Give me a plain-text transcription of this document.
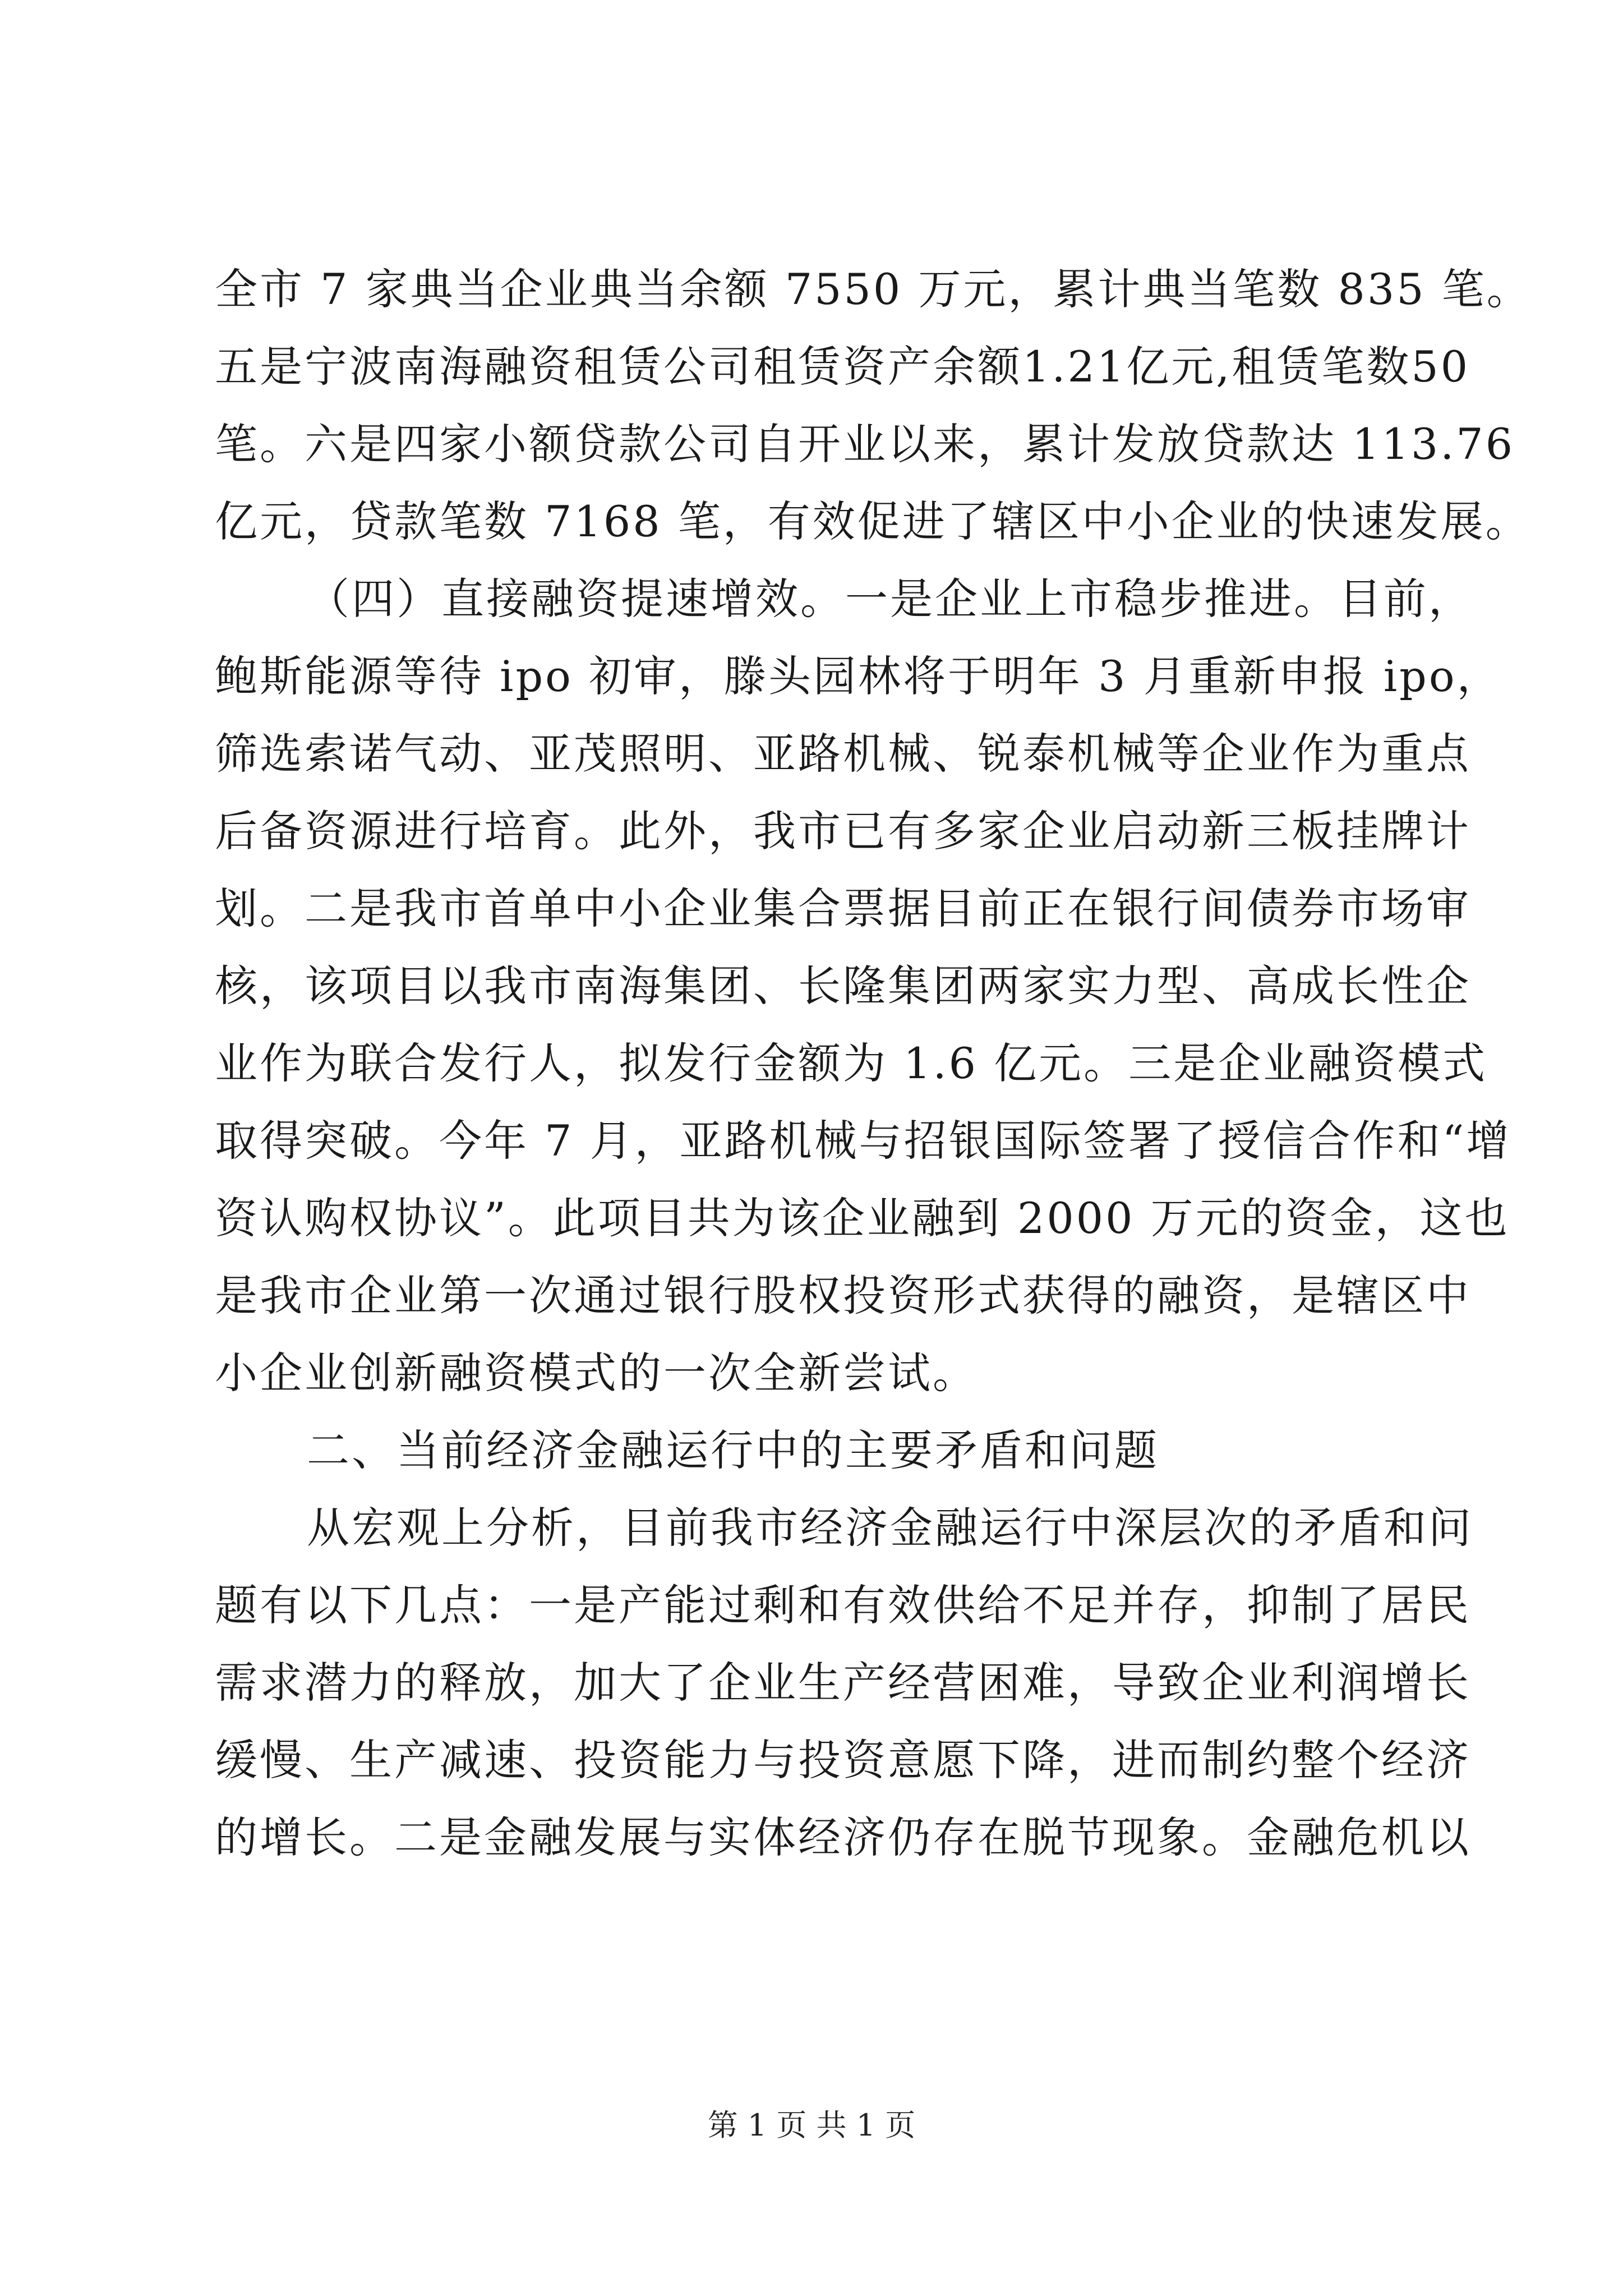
全市 7 家典当企业典当余额 7550 万元，累计典当笔数 835 笔。
五是宁波南海融资租赁公司租赁资产余额1.21亿元,租赁笔数50
笔。六是四家小额贷款公司自开业以来，累计发放贷款达 113.76
亿元，贷款笔数 7168 笔，有效促进了辖区中小企业的快速发展。
（四）直接融资提速增效。一是企业上市稳步推进。目前，
鲍斯能源等待 ipo 初审，滕头园林将于明年 3 月重新申报 ipo，
筛选索诺气动、亚茂照明、亚路机械、锐泰机械等企业作为重点
后备资源进行培育。此外，我市已有多家企业启动新三板挂牌计
划。二是我市首单中小企业集合票据目前正在银行间债券市场审
核，该项目以我市南海集团、长隆集团两家实力型、高成长性企
业作为联合发行人，拟发行金额为 1.6 亿元。三是企业融资模式
取得突破。今年 7 月，亚路机械与招银国际签署了授信合作和“增
资认购权协议”。此项目共为该企业融到 2000 万元的资金，这也
是我市企业第一次通过银行股权投资形式获得的融资，是辖区中
小企业创新融资模式的一次全新尝试。
二、当前经济金融运行中的主要矛盾和问题
从宏观上分析，目前我市经济金融运行中深层次的矛盾和问
题有以下几点：一是产能过剩和有效供给不足并存，抑制了居民
需求潜力的释放，加大了企业生产经营困难，导致企业利润增长
缓慢、生产减速、投资能力与投资意愿下降，进而制约整个经济
的增长。二是金融发展与实体经济仍存在脱节现象。金融危机以
第 1 页 共 1 页
